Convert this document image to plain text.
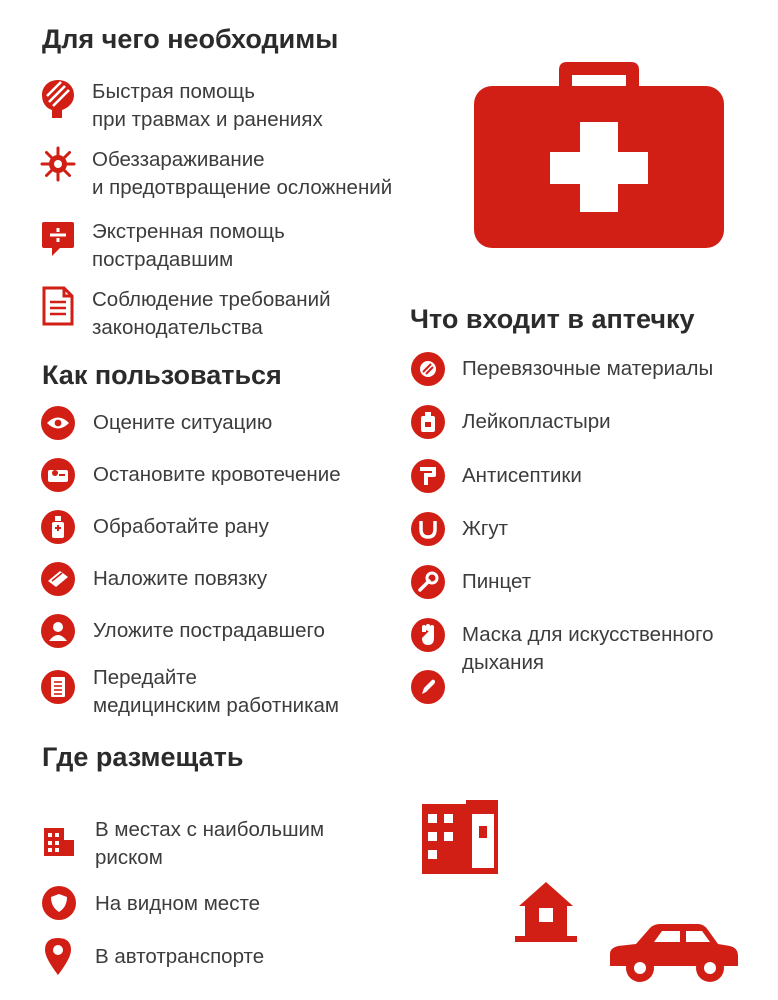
Для чего необходимы
Быстрая помощь
при травмах и ранениях
Обеззараживание
и предотвращение осложнений
Экстренная помощь
пострадавшим
Соблюдение требований
законодательства
Как пользоваться
Оцените ситуацию
Остановите кровотечение
Обработайте рану
Наложите повязку
Уложите пострадавшего
Передайте
медицинским работникам
Что входит в аптечку
Перевязочные материалы
Лейкопластыри
Антисептики
Жгут
Пинцет
Маска для искусственного
дыхания
Где размещать
В местах с наибольшим
риском
На видном месте
В автотранспорте
